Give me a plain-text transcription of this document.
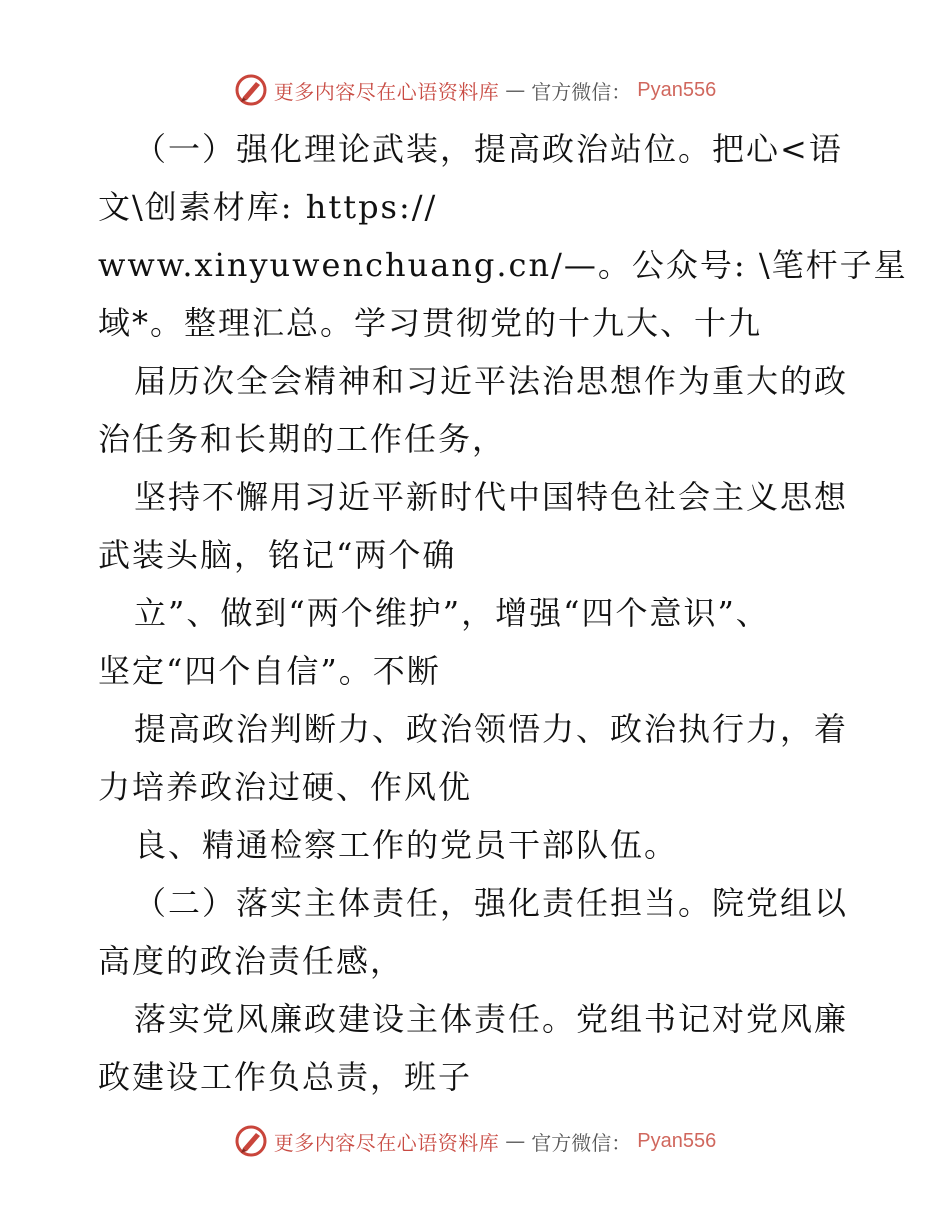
更多内容尽在心语资料库 — 官方微信： Pyan556
（一）强化理论武装，提高政治站位。把心<语
文\创素材库: https://
www.xinyuwenchuang.cn/—。公众号: \笔杆子星
域*。整理汇总。学习贯彻党的十九大、十九
届历次全会精神和习近平法治思想作为重大的政
治任务和长期的工作任务，
坚持不懈用习近平新时代中国特色社会主义思想
武装头脑，铭记“两个确
立”、做到“两个维护”，增强“四个意识”、
坚定“四个自信”。不断
提高政治判断力、政治领悟力、政治执行力，着
力培养政治过硬、作风优
良、精通检察工作的党员干部队伍。
（二）落实主体责任，强化责任担当。院党组以
高度的政治责任感，
落实党风廉政建设主体责任。党组书记对党风廉
政建设工作负总责，班子
更多内容尽在心语资料库 — 官方微信： Pyan556
